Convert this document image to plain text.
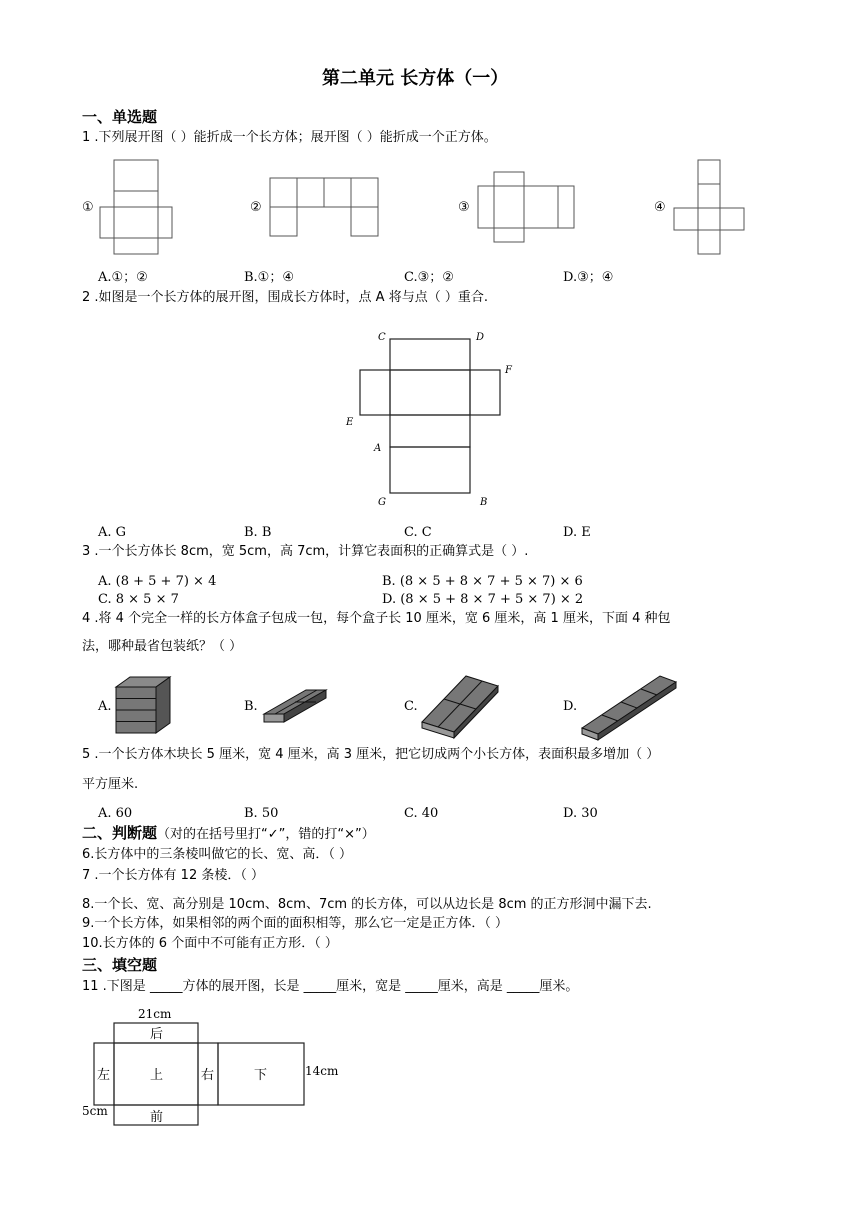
第二单元 长方体（一）
一、单选题
1 .下列展开图（ ）能折成一个长方体；展开图（ ）能折成一个正方体。
①	②	③	④
A.①；②	B.①；④	C.③；②	D.③；④
2 .如图是一个长方体的展开图，围成长方体时，点 A 将与点（ ）重合.
C	D
F
E
A
G	B
A. G	B. B	C. C	D. E
3 .一个长方体长 8cm，宽 5cm，高 7cm，计算它表面积的正确算式是（ ）.
A. (8 + 5 + 7) × 4	B. (8 × 5 + 8 × 7 + 5 × 7) × 6
C. 8 × 5 × 7	D. (8 × 5 + 8 × 7 + 5 × 7) × 2
4 .将 4 个完全一样的长方体盒子包成一包，每个盒子长 10 厘米，宽 6 厘米，高 1 厘米，下面 4 种包
法，哪种最省包装纸？（ ）
A.	B.	C.	D.
5 .一个长方体木块长 5 厘米，宽 4 厘米，高 3 厘米，把它切成两个小长方体，表面积最多增加（ ）
平方厘米.
A. 60	B. 50	C. 40	D. 30
二、判断题（对的在括号里打“✓”，错的打“×”）
6.长方体中的三条棱叫做它的长、宽、高．（ ）
7 .一个长方体有 12 条棱．（ ）
8.一个长、宽、高分别是 10cm、8cm、7cm 的长方体，可以从边长是 8cm 的正方形洞中漏下去.
9.一个长方体，如果相邻的两个面的面积相等，那么它一定是正方体．（ ）
10.长方体的 6 个面中不可能有正方形．（ ）
三、填空题
11 .下图是 _____方体的展开图，长是 _____厘米，宽是 _____厘米，高是 _____厘米。
后
左	上	右	下
前
21cm
14cm
5cm
